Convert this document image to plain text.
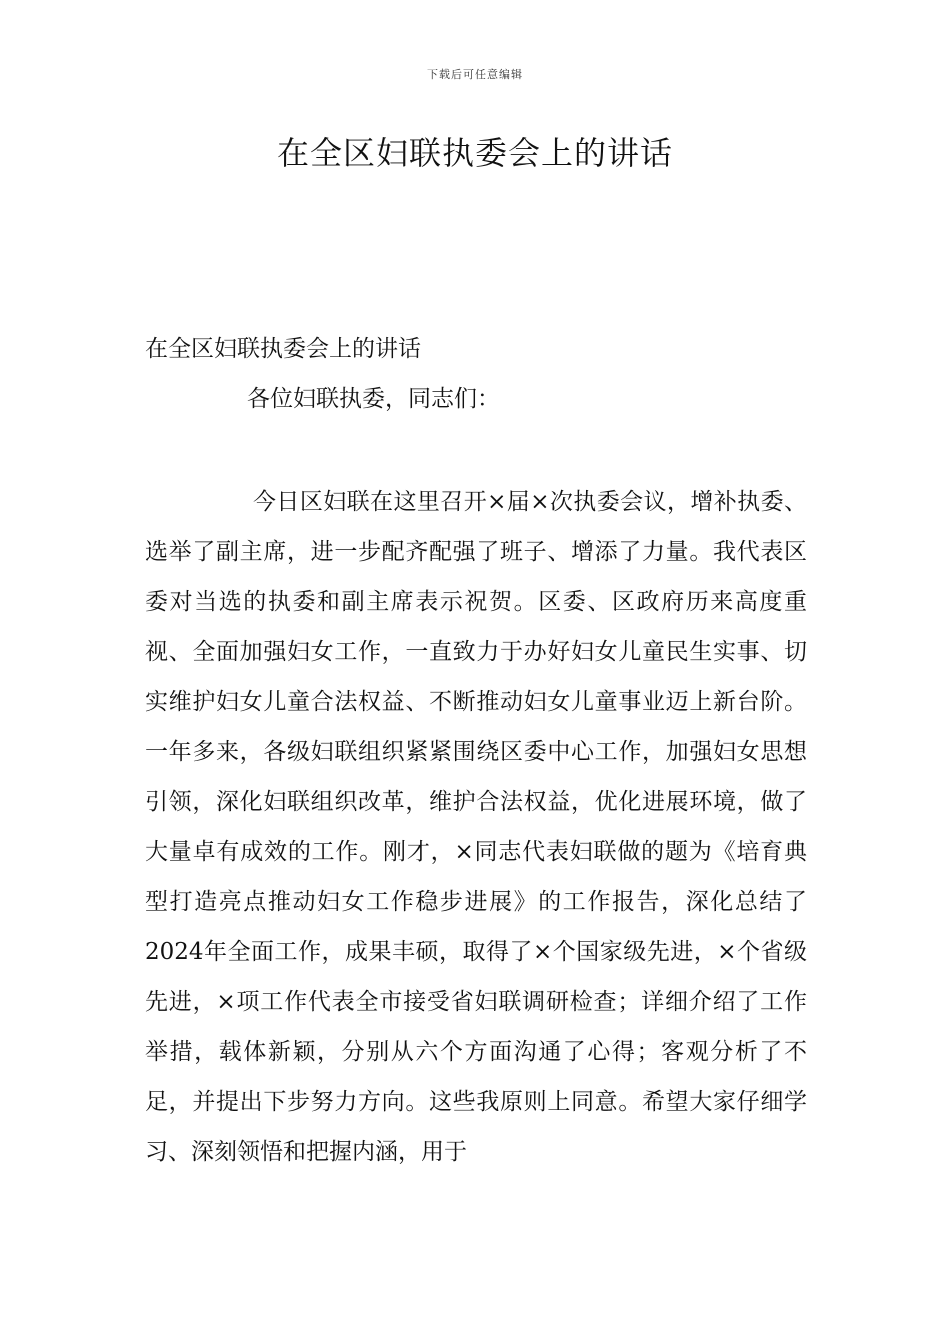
下载后可任意编辑
在全区妇联执委会上的讲话
在全区妇联执委会上的讲话
各位妇联执委，同志们：

今日区妇联在这里召开×届×次执委会议，增补执委、选举了副主席，进一步配齐配强了班子、增添了力量。我代表区委对当选的执委和副主席表示祝贺。区委、区政府历来高度重视、全面加强妇女工作，一直致力于办好妇女儿童民生实事、切实维护妇女儿童合法权益、不断推动妇女儿童事业迈上新台阶。一年多来，各级妇联组织紧紧围绕区委中心工作，加强妇女思想引领，深化妇联组织改革，维护合法权益，优化进展环境，做了大量卓有成效的工作。刚才，×同志代表妇联做的题为《培育典型打造亮点推动妇女工作稳步进展》的工作报告，深化总结了2024年全面工作，成果丰硕，取得了×个国家级先进，×个省级先进，×项工作代表全市接受省妇联调研检查；详细介绍了工作举措，载体新颖，分别从六个方面沟通了心得；客观分析了不足，并提出下步努力方向。这些我原则上同意。希望大家仔细学习、深刻领悟和把握内涵，用于
